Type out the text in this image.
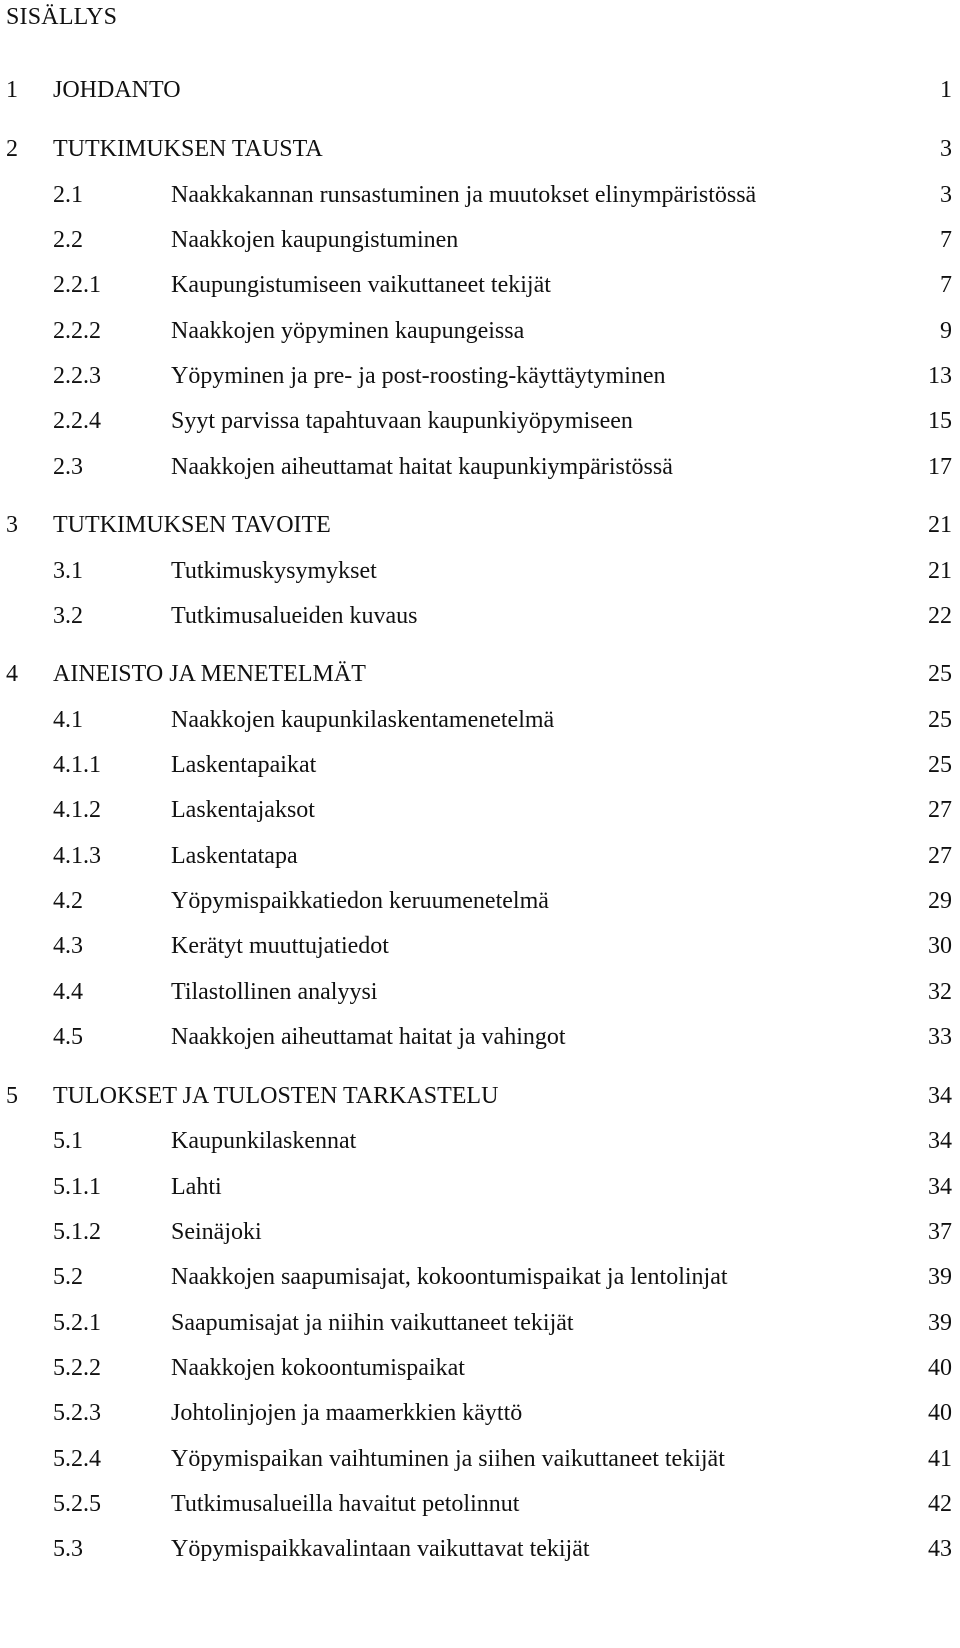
SISÄLLYS
1 JOHDANTO	1
2 TUTKIMUKSEN TAUSTA	3
2.1	Naakkakannan runsastuminen ja muutokset elinympäristössä	3
2.2	Naakkojen kaupungistuminen	7
2.2.1	Kaupungistumiseen vaikuttaneet tekijät	7
2.2.2	Naakkojen yöpyminen kaupungeissa	9
2.2.3	Yöpyminen ja pre- ja post-roosting-käyttäytyminen	13
2.2.4	Syyt parvissa tapahtuvaan kaupunkiyöpymiseen	15
2.3	Naakkojen aiheuttamat haitat kaupunkiympäristössä	17
3 TUTKIMUKSEN TAVOITE	21
3.1	Tutkimuskysymykset	21
3.2	Tutkimusalueiden kuvaus	22
4 AINEISTO JA MENETELMÄT	25
4.1	Naakkojen kaupunkilaskentamenetelmä	25
4.1.1	Laskentapaikat	25
4.1.2	Laskentajaksot	27
4.1.3	Laskentatapa	27
4.2	Yöpymispaikkatiedon keruumenetelmä	29
4.3	Kerätyt muuttujatiedot	30
4.4	Tilastollinen analyysi	32
4.5	Naakkojen aiheuttamat haitat ja vahingot	33
5 TULOKSET JA TULOSTEN TARKASTELU	34
5.1	Kaupunkilaskennat	34
5.1.1	Lahti	34
5.1.2	Seinäjoki	37
5.2	Naakkojen saapumisajat, kokoontumispaikat ja lentolinjat	39
5.2.1	Saapumisajat ja niihin vaikuttaneet tekijät	39
5.2.2	Naakkojen kokoontumispaikat	40
5.2.3	Johtolinjojen ja maamerkkien käyttö	40
5.2.4	Yöpymispaikan vaihtuminen ja siihen vaikuttaneet tekijät	41
5.2.5	Tutkimusalueilla havaitut petolinnut	42
5.3	Yöpymispaikkavalintaan vaikuttavat tekijät	43
